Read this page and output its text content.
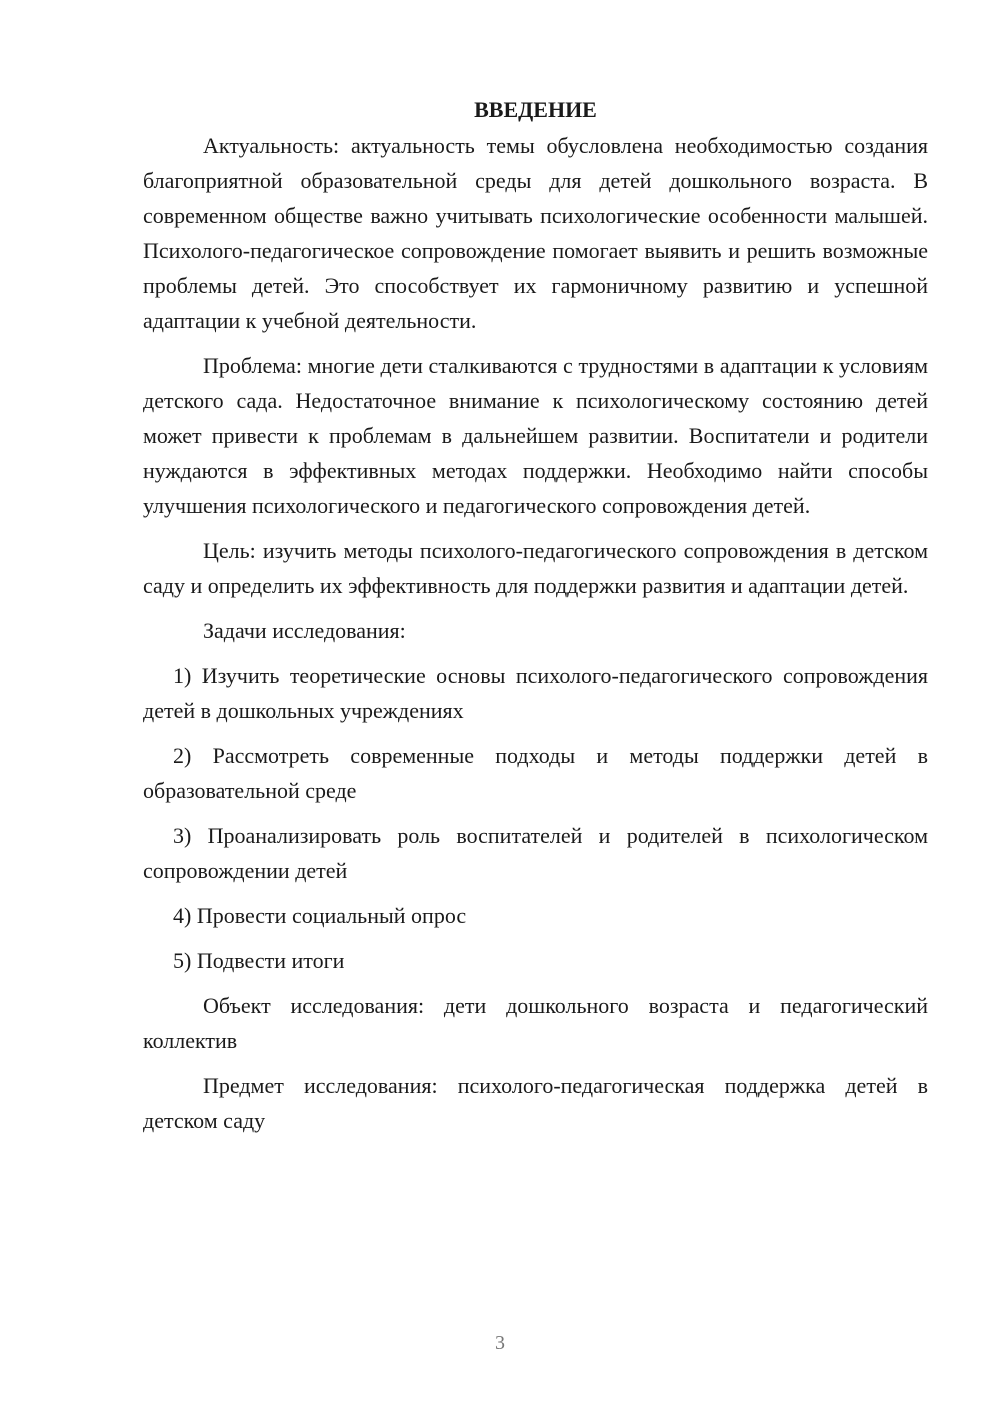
ВВЕДЕНИЕ

Актуальность: актуальность темы обусловлена необходимостью создания благоприятной образовательной среды для детей дошкольного возраста. В современном обществе важно учитывать психологические особенности малышей. Психолого-педагогическое сопровождение помогает выявить и решить возможные проблемы детей. Это способствует их гармоничному развитию и успешной адаптации к учебной деятельности.

Проблема: многие дети сталкиваются с трудностями в адаптации к условиям детского сада. Недостаточное внимание к психологическому состоянию детей может привести к проблемам в дальнейшем развитии. Воспитатели и родители нуждаются в эффективных методах поддержки. Необходимо найти способы улучшения психологического и педагогического сопровождения детей.

Цель: изучить методы психолого-педагогического сопровождения в детском саду и определить их эффективность для поддержки развития и адаптации детей.

Задачи исследования:

1) Изучить теоретические основы психолого-педагогического сопровождения детей в дошкольных учреждениях

2) Рассмотреть современные подходы и методы поддержки детей в образовательной среде

3) Проанализировать роль воспитателей и родителей в психологическом сопровождении детей

4) Провести социальный опрос

5) Подвести итоги

Объект исследования: дети дошкольного возраста и педагогический коллектив

Предмет исследования: психолого-педагогическая поддержка детей в детском саду

3
